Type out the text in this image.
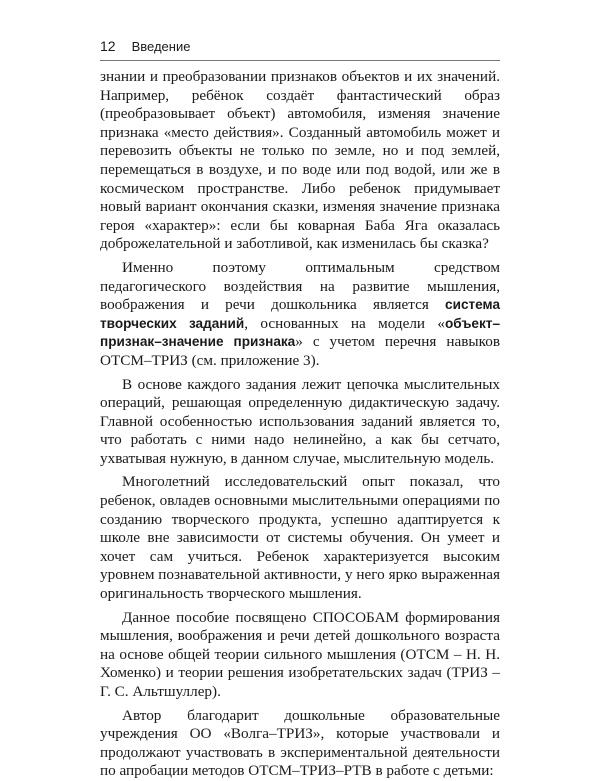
12 Введение

знании и преобразовании признаков объектов и их значений. Например, ребёнок создаёт фантастический образ (преобразовывает объект) автомобиля, изменяя значение признака «место действия». Созданный автомобиль может и перевозить объекты не только по земле, но и под землей, перемещаться в воздухе, и по воде или под водой, или же в космическом пространстве. Либо ребенок придумывает новый вариант окончания сказки, изменяя значение признака героя «характер»: если бы коварная Баба Яга оказалась доброжелательной и заботливой, как изменилась бы сказка?

Именно поэтому оптимальным средством педагогического воздействия на развитие мышления, воображения и речи дошкольника является система творческих заданий, основанных на модели «объект–признак–значение признака» с учетом перечня навыков ОТСМ–ТРИЗ (см. приложение 3).

В основе каждого задания лежит цепочка мыслительных операций, решающая определенную дидактическую задачу. Главной особенностью использования заданий является то, что работать с ними надо нелинейно, а как бы сетчато, ухватывая нужную, в данном случае, мыслительную модель.

Многолетний исследовательский опыт показал, что ребенок, овладев основными мыслительными операциями по созданию творческого продукта, успешно адаптируется к школе вне зависимости от системы обучения. Он умеет и хочет сам учиться. Ребенок характеризуется высоким уровнем познавательной активности, у него ярко выраженная оригинальность творческого мышления.

Данное пособие посвящено СПОСОБАМ формирования мышления, воображения и речи детей дошкольного возраста на основе общей теории сильного мышления (ОТСМ – Н. Н. Хоменко) и теории решения изобретательских задач (ТРИЗ – Г. С. Альтшуллер).

Автор благодарит дошкольные образовательные учреждения ОО «Волга–ТРИЗ», которые участвовали и продолжают участвовать в экспериментальной деятельности по апробации методов ОТСМ–ТРИЗ–РТВ в работе с детьми:
